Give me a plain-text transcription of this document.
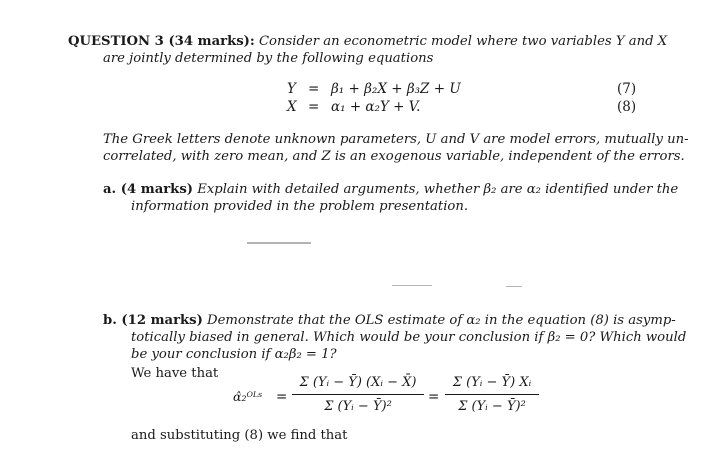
QUESTION 3 (34 marks): Consider an econometric model where two variables Y and X
are jointly determined by the following equations
Y = β₁ + β₂X + β₃Z + U	(7)
X = α₁ + α₂Y + V.	(8)
The Greek letters denote unknown parameters, U and V are model errors, mutually un-
correlated, with zero mean, and Z is an exogenous variable, independent of the errors.
a. (4 marks) Explain with detailed arguments, whether β₂ are α₂ identified under the
information provided in the problem presentation.
b. (12 marks) Demonstrate that the OLS estimate of α₂ in the equation (8) is asymp-
totically biased in general. Which would be your conclusion if β₂ = 0? Which would
be your conclusion if α₂β₂ = 1?
We have that
α̂₂ᴼᴸˢ =
Σ (Yᵢ − Ȳ) (Xᵢ − X̄)
Σ (Yᵢ − Ȳ)²
=
Σ (Yᵢ − Ȳ) Xᵢ
Σ (Yᵢ − Ȳ)²
and substituting (8) we find that
